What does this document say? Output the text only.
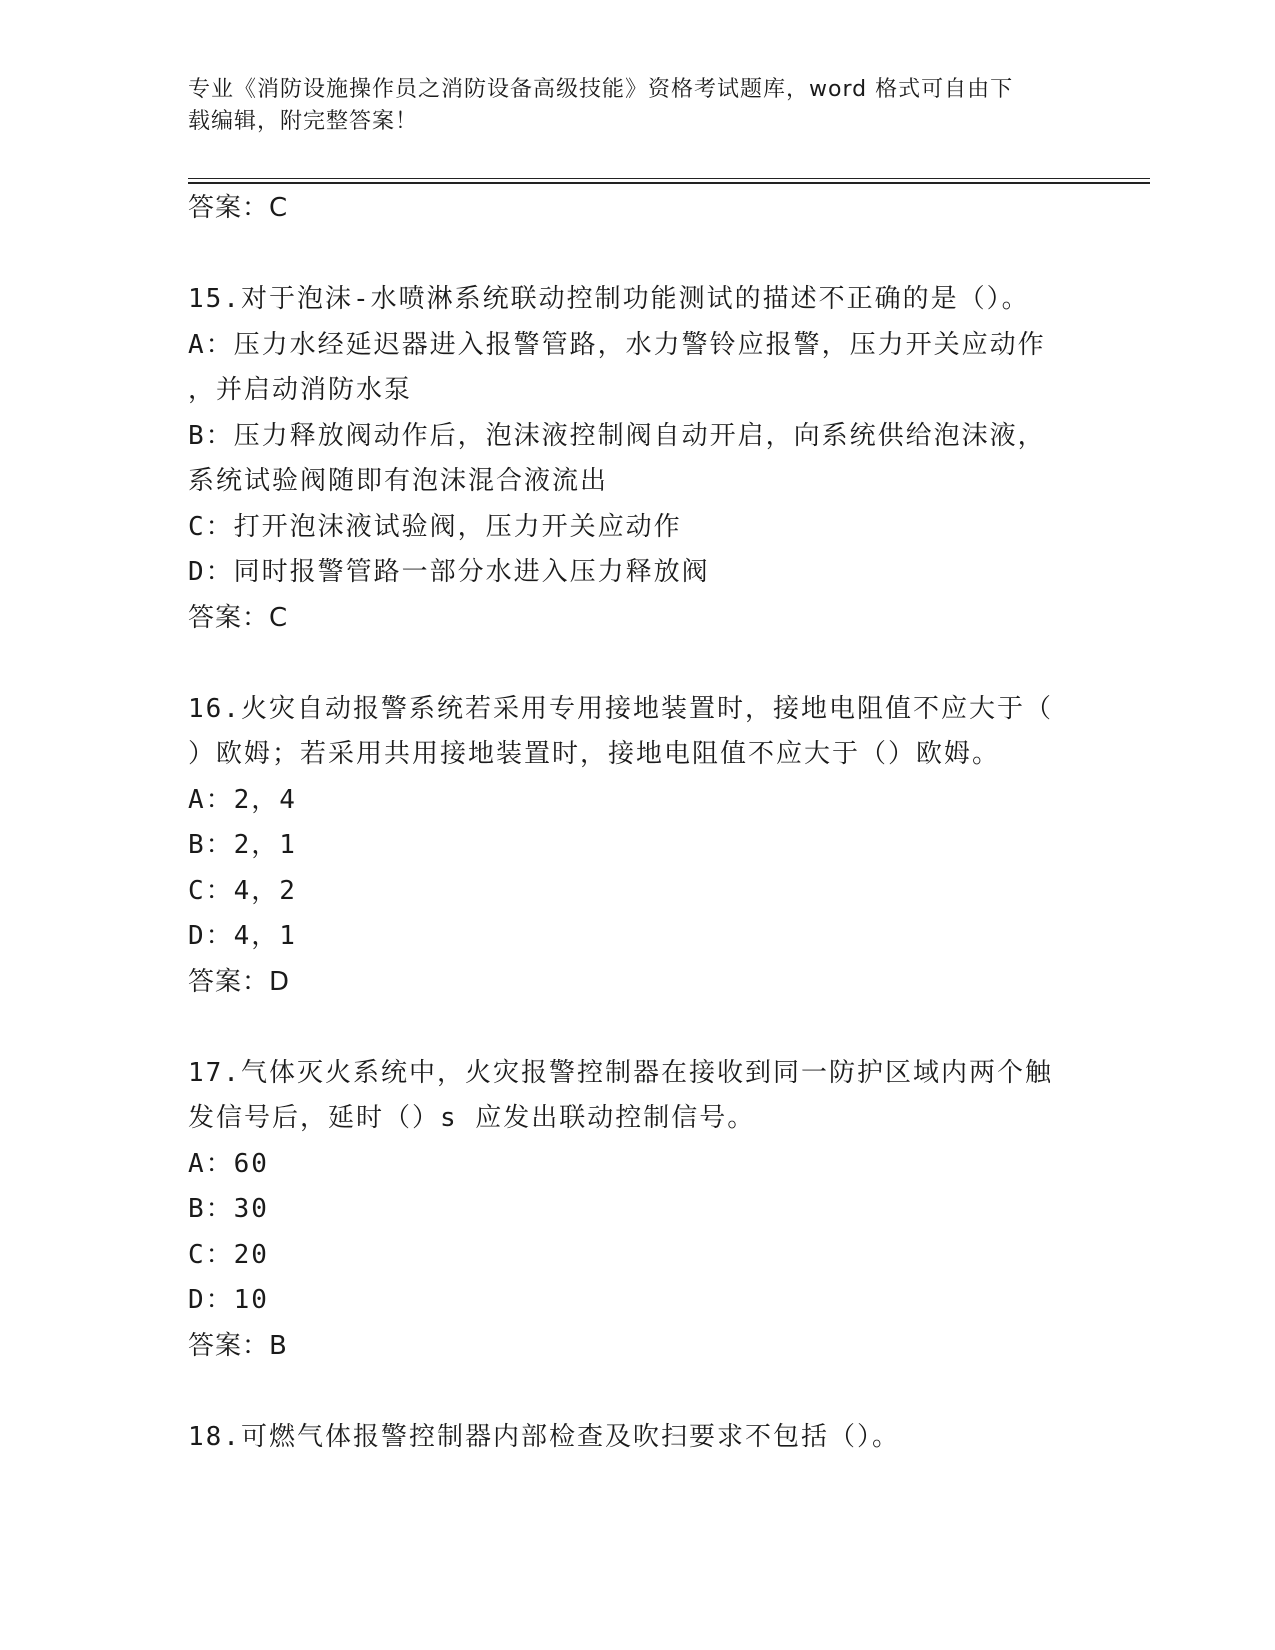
专业《消防设施操作员之消防设备高级技能》资格考试题库，word 格式可自由下
载编辑，附完整答案！
答案：C
15.对于泡沫-水喷淋系统联动控制功能测试的描述不正确的是（）。
A：压力水经延迟器进入报警管路，水力警铃应报警，压力开关应动作
，并启动消防水泵
B：压力释放阀动作后，泡沫液控制阀自动开启，向系统供给泡沫液，
系统试验阀随即有泡沫混合液流出
C：打开泡沫液试验阀，压力开关应动作
D：同时报警管路一部分水进入压力释放阀
答案：C
16.火灾自动报警系统若采用专用接地装置时，接地电阻值不应大于（
）欧姆；若采用共用接地装置时，接地电阻值不应大于（）欧姆。
A：2，4
B：2，1
C：4，2
D：4，1
答案：D
17.气体灭火系统中，火灾报警控制器在接收到同一防护区域内两个触
发信号后，延时（）s 应发出联动控制信号。
A：60
B：30
C：20
D：10
答案：B
18.可燃气体报警控制器内部检查及吹扫要求不包括（）。
